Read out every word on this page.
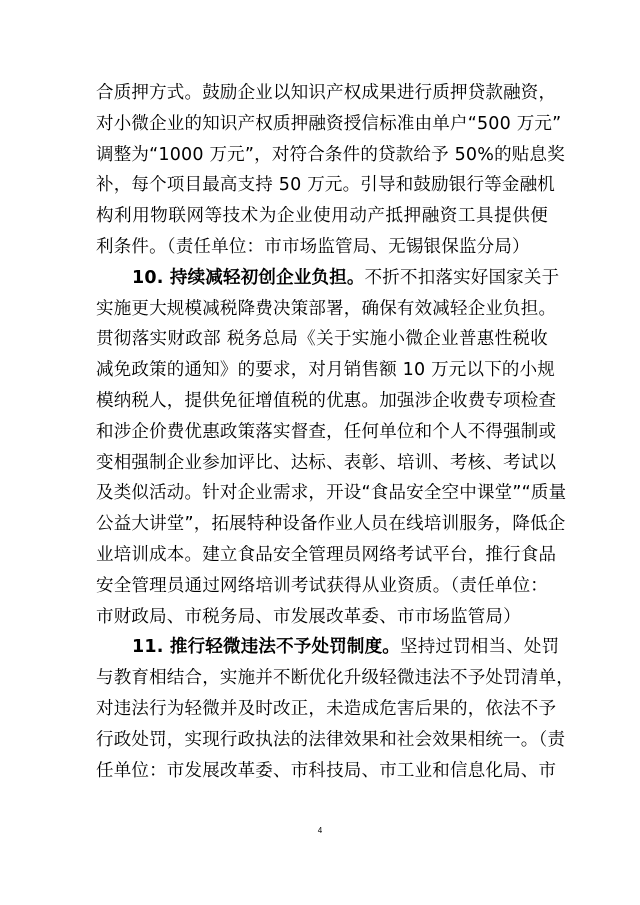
合质押方式。鼓励企业以知识产权成果进行质押贷款融资，
对小微企业的知识产权质押融资授信标准由单户“500 万元”
调整为“1000 万元”，对符合条件的贷款给予 50%的贴息奖
补，每个项目最高支持 50 万元。引导和鼓励银行等金融机
构利用物联网等技术为企业使用动产抵押融资工具提供便
利条件。（责任单位：市市场监管局、无锡银保监分局）
10. 持续减轻初创企业负担。不折不扣落实好国家关于
实施更大规模减税降费决策部署，确保有效减轻企业负担。
贯彻落实财政部 税务总局《关于实施小微企业普惠性税收
减免政策的通知》的要求，对月销售额 10 万元以下的小规
模纳税人，提供免征增值税的优惠。加强涉企收费专项检查
和涉企价费优惠政策落实督查，任何单位和个人不得强制或
变相强制企业参加评比、达标、表彰、培训、考核、考试以
及类似活动。针对企业需求，开设“食品安全空中课堂”“质量
公益大讲堂”，拓展特种设备作业人员在线培训服务，降低企
业培训成本。建立食品安全管理员网络考试平台，推行食品
安全管理员通过网络培训考试获得从业资质。（责任单位：
市财政局、市税务局、市发展改革委、市市场监管局）
11. 推行轻微违法不予处罚制度。坚持过罚相当、处罚
与教育相结合，实施并不断优化升级轻微违法不予处罚清单，
对违法行为轻微并及时改正，未造成危害后果的，依法不予
行政处罚，实现行政执法的法律效果和社会效果相统一。（责
任单位：市发展改革委、市科技局、市工业和信息化局、市
4
